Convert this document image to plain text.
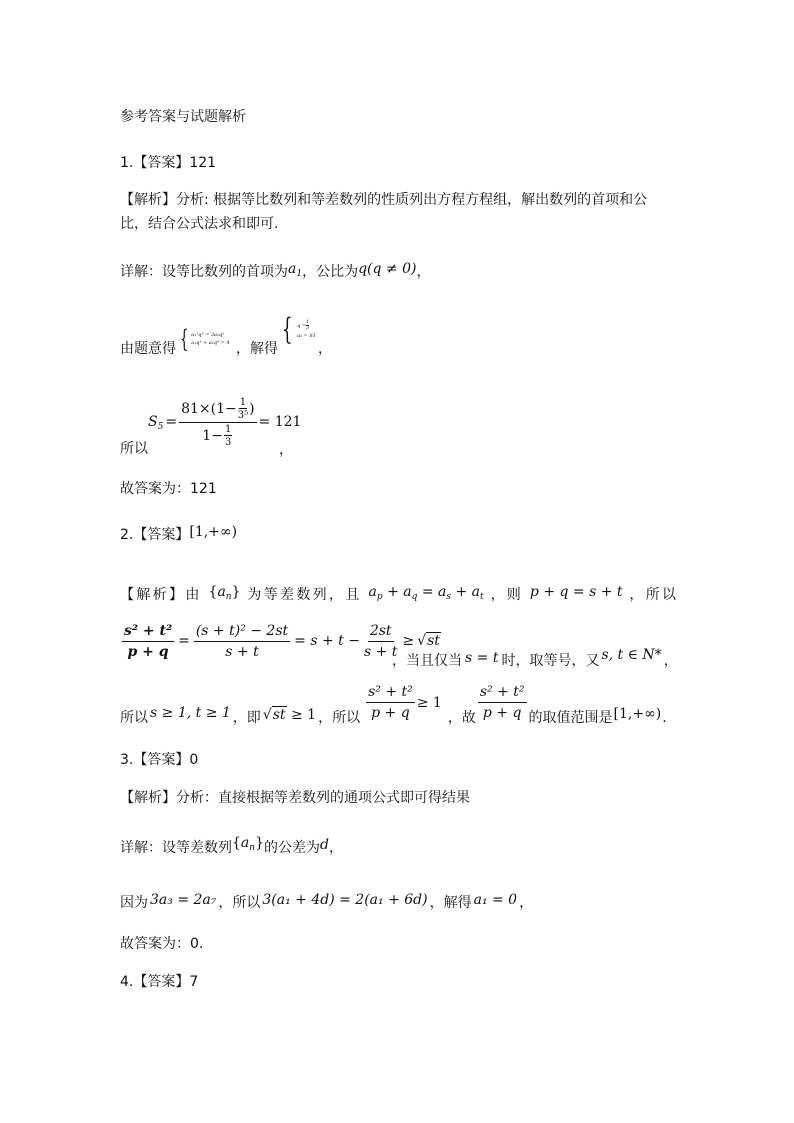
参考答案与试题解析
1.【答案】121
【解析】分析: 根据等比数列和等差数列的性质列出方程方程组，解出数列的首项和公
比，结合公式法求和即可.
详解：设等比数列的首项为$a_1$，公比为q(q ≠ 0)，
由题意得 { a₁²q⁵ = 3a₁q²
a₁q³ + a₁q⁴ = 4 ，解得
{ $q = \frac{1}{3}$
a₁ = 81
，
$S_5 = \frac{81\times(1- \frac{1}{\text{3⁵}} )}{1- \frac{1}{3}} = 121$
所以	，
故答案为：121
2.【答案】[1,+∞)
【解析】由 $\{a_n\}$ 为等差数列，且 $a_p + a_q = a_s + a_t$ ，则 p + q = s + t ，所以
$\frac{\text{s² + t²}}{p + q} = \frac{\text{(s + t)² − 2st}}{s + t} = s + t - \frac{2st}{s + t} \ge √st$
，当且仅当 s = t 时，取等号，又 s, t ∈ N* ，
所以 s ≥ 1, t ≥ 1 ，即 √st ≥ 1 ，所以 $\frac{\text{s² + t²}}{p + q} \ge 1$
，故 $\frac{\text{s² + t²}}{p + q}$ 的取值范围是 [1,+∞) .
3.【答案】0
【解析】分析：直接根据等差数列的通项公式即可得结果
详解：设等差数列$\{a_n\}$的公差为d，
因为 3a₃ = 2a₇ ，所以 3(a₁ + 4d) = 2(a₁ + 6d) ，解得 a₁ = 0 ，
故答案为：0.
4.【答案】7
